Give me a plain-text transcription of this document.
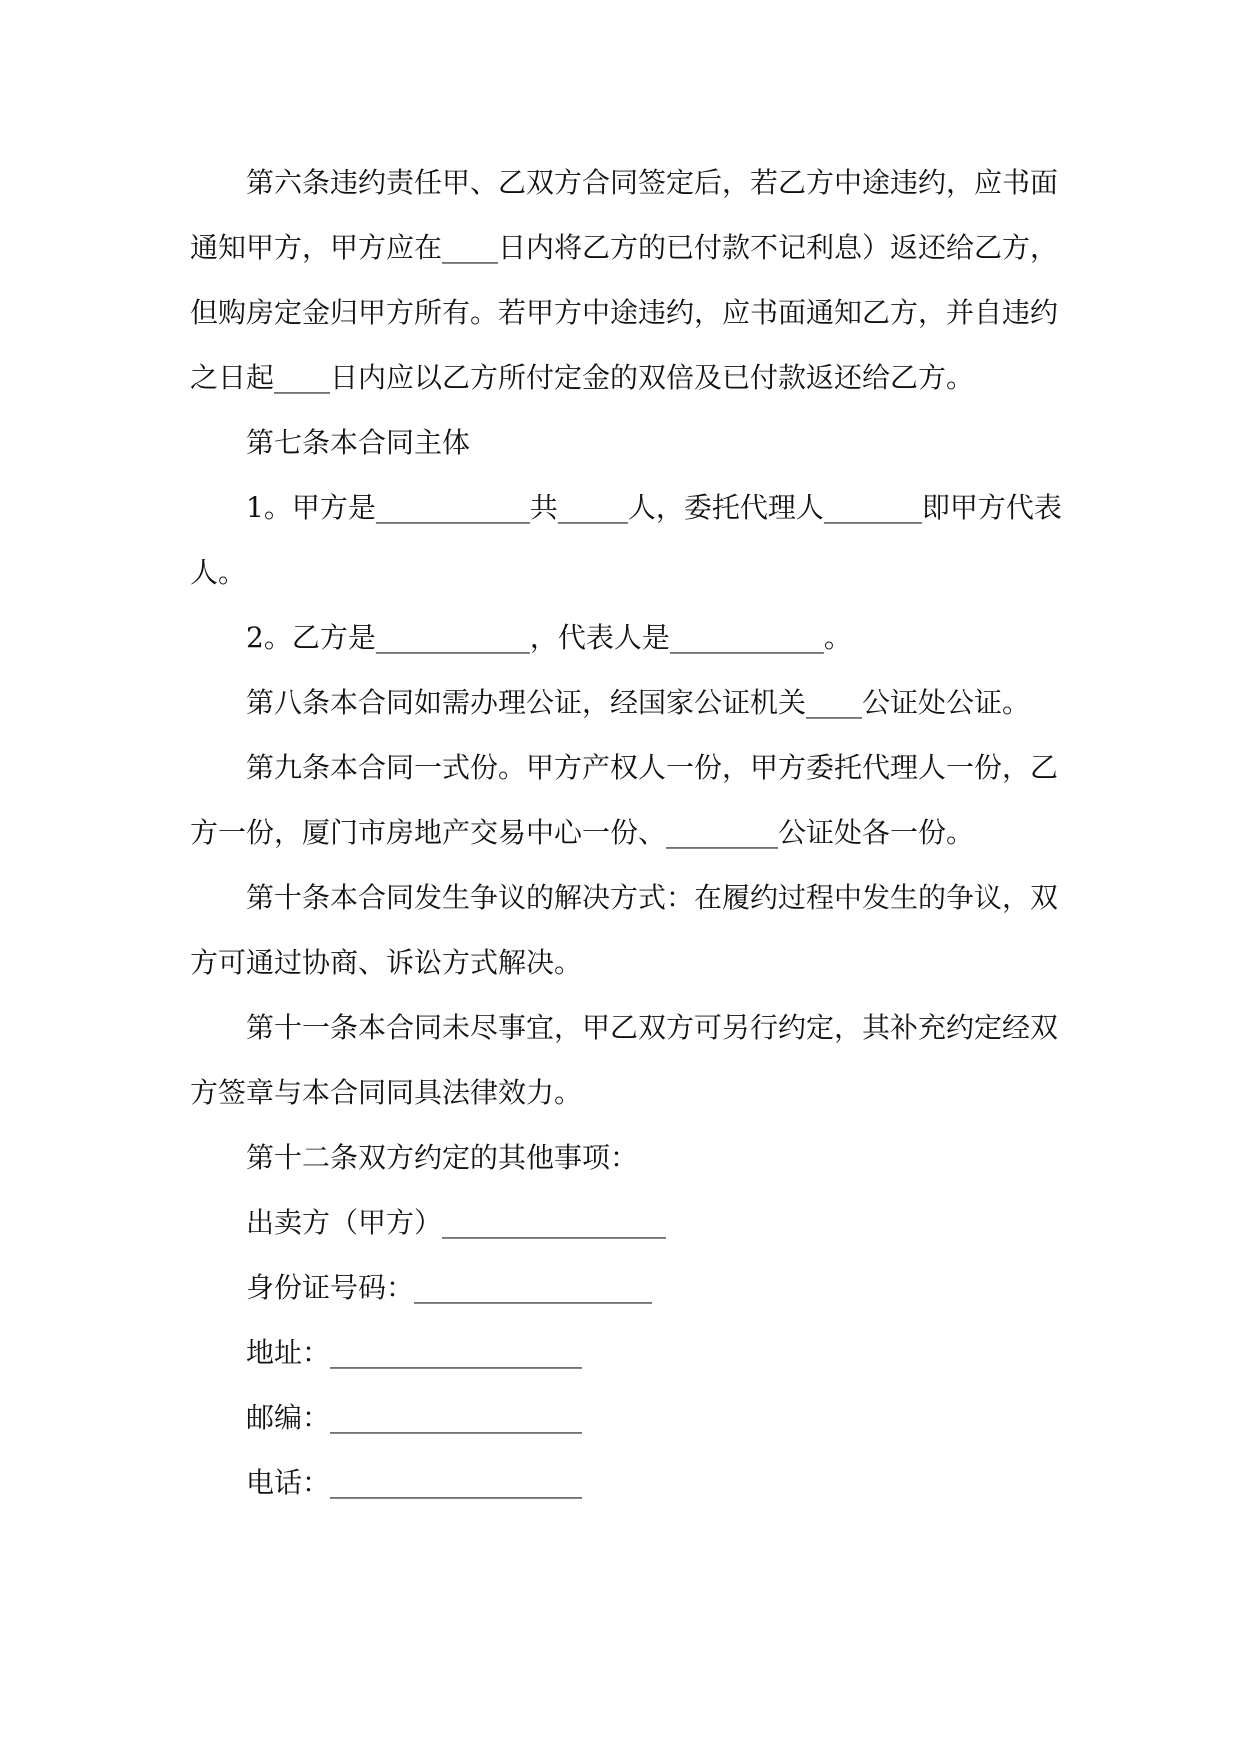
第六条违约责任甲、乙双方合同签定后，若乙方中途违约，应书面通知甲方，甲方应在____日内将乙方的已付款不记利息）返还给乙方，但购房定金归甲方所有。若甲方中途违约，应书面通知乙方，并自违约之日起____日内应以乙方所付定金的双倍及已付款返还给乙方。

第七条本合同主体

1。甲方是___________共_____人，委托代理人_______即甲方代表人。

2。乙方是___________，代表人是___________。

第八条本合同如需办理公证，经国家公证机关____公证处公证。

第九条本合同一式份。甲方产权人一份，甲方委托代理人一份，乙方一份，厦门市房地产交易中心一份、________公证处各一份。

第十条本合同发生争议的解决方式：在履约过程中发生的争议，双方可通过协商、诉讼方式解决。

第十一条本合同未尽事宜，甲乙双方可另行约定，其补充约定经双方签章与本合同同具法律效力。

第十二条双方约定的其他事项：

出卖方（甲方）________________

身份证号码：_________________

地址：__________________

邮编：__________________

电话：__________________
